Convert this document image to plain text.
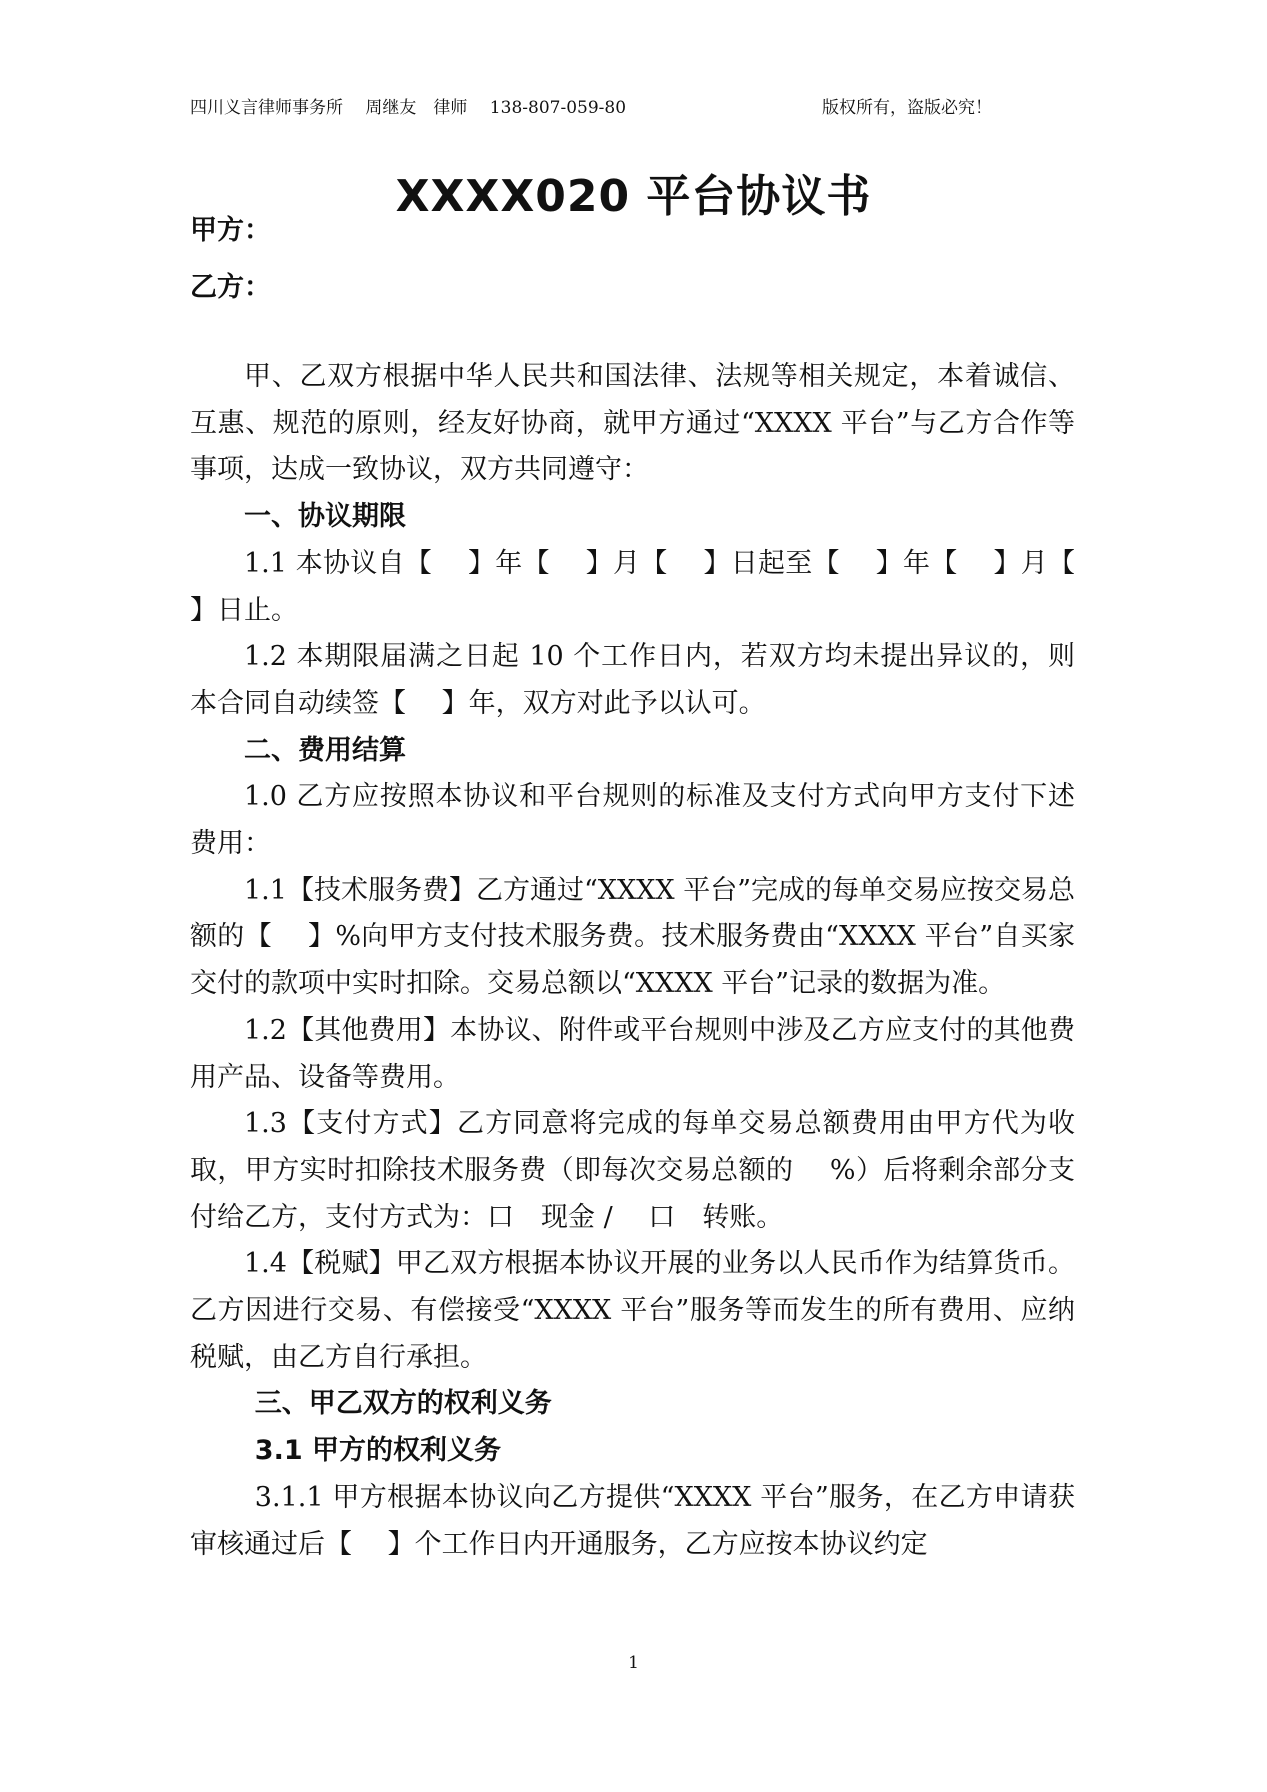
四川义言律师事务所　 周继友　律师　 138-807-059-80	版权所有，盗版必究！
XXXX020 平台协议书
甲方：
乙方：

甲、乙双方根据中华人民共和国法律、法规等相关规定，本着诚信、互惠、规范的原则，经友好协商，就甲方通过“XXXX 平台”与乙方合作等事项，达成一致协议，双方共同遵守：

一、协议期限

1.1 本协议自【　 】年【　 】月【　 】日起至【　 】年【　 】月【　 】日止。

1.2 本期限届满之日起 10 个工作日内，若双方均未提出异议的，则本合同自动续签【　 】年，双方对此予以认可。

二、费用结算

1.0 乙方应按照本协议和平台规则的标准及支付方式向甲方支付下述费用：

1.1【技术服务费】乙方通过“XXXX 平台”完成的每单交易应按交易总额的【　 】%向甲方支付技术服务费。技术服务费由“XXXX 平台”自买家交付的款项中实时扣除。交易总额以“XXXX 平台”记录的数据为准。

1.2【其他费用】本协议、附件或平台规则中涉及乙方应支付的其他费用产品、设备等费用。

1.3【支付方式】乙方同意将完成的每单交易总额费用由甲方代为收取，甲方实时扣除技术服务费（即每次交易总额的　 %）后将剩余部分支付给乙方，支付方式为：口　现金 / 　口　转账。

1.4【税赋】甲乙双方根据本协议开展的业务以人民币作为结算货币。乙方因进行交易、有偿接受“XXXX 平台”服务等而发生的所有费用、应纳税赋，由乙方自行承担。

三、甲乙双方的权利义务

3.1 甲方的权利义务

3.1.1 甲方根据本协议向乙方提供“XXXX 平台”服务，在乙方申请获审核通过后【　 】个工作日内开通服务，乙方应按本协议约定

1
